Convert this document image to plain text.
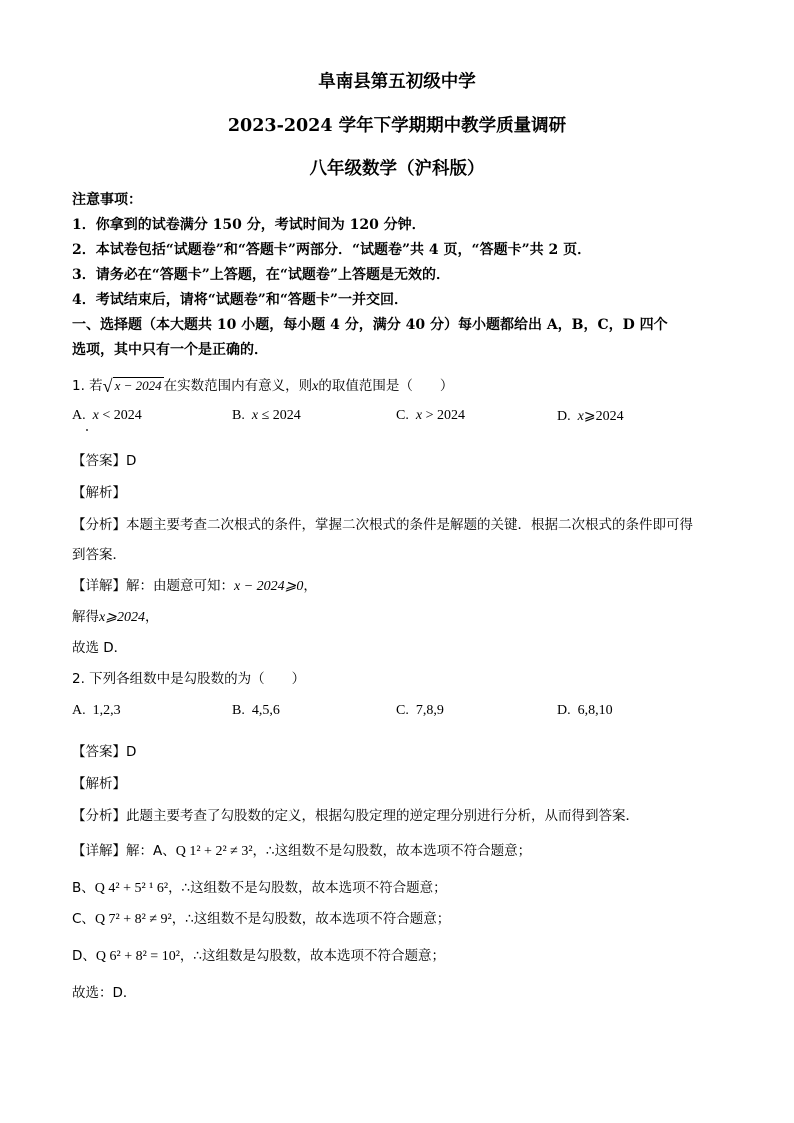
阜南县第五初级中学
2023-2024 学年下学期期中教学质量调研
八年级数学（沪科版）
注意事项：
1．你拿到的试卷满分 150 分，考试时间为 120 分钟．
2．本试卷包括“试题卷”和“答题卡”两部分．“试题卷”共 4 页，“答题卡”共 2 页．
3．请务必在“答题卡”上答题，在“试题卷”上答题是无效的．
4．考试结束后，请将“试题卷”和“答题卡”一并交回．
一、选择题（本大题共 10 小题，每小题 4 分，满分 40 分）每小题都给出 A，B，C，D 四个
选项，其中只有一个是正确的．
1. 若√ x − 2024 在实数范围内有意义，则x的取值范围是（　　）
A. x < 2024	B. x ≤ 2024	C. x > 2024	D. x⩾2024
【答案】D
【解析】
【分析】本题主要考查二次根式的条件，掌握二次根式的条件是解题的关键．根据二次根式的条件即可得
到答案．
【详解】解：由题意可知：x − 2024⩾0，
解得x⩾2024，
故选 D．
2. 下列各组数中是勾股数的为（　　）
A. 1,2,3	B. 4,5,6	C. 7,8,9	D. 6,8,10
【答案】D
【解析】
【分析】此题主要考查了勾股数的定义，根据勾股定理的逆定理分别进行分析，从而得到答案．
【详解】解：A、Q 1² + 2² ≠ 3²，∴这组数不是勾股数，故本选项不符合题意；
B、Q 4² + 5² ¹ 6²，∴这组数不是勾股数，故本选项不符合题意；
C、Q 7² + 8² ≠ 9²，∴这组数不是勾股数，故本选项不符合题意；
D、Q 6² + 8² = 10²，∴这组数是勾股数，故本选项不符合题意；
故选：D．
